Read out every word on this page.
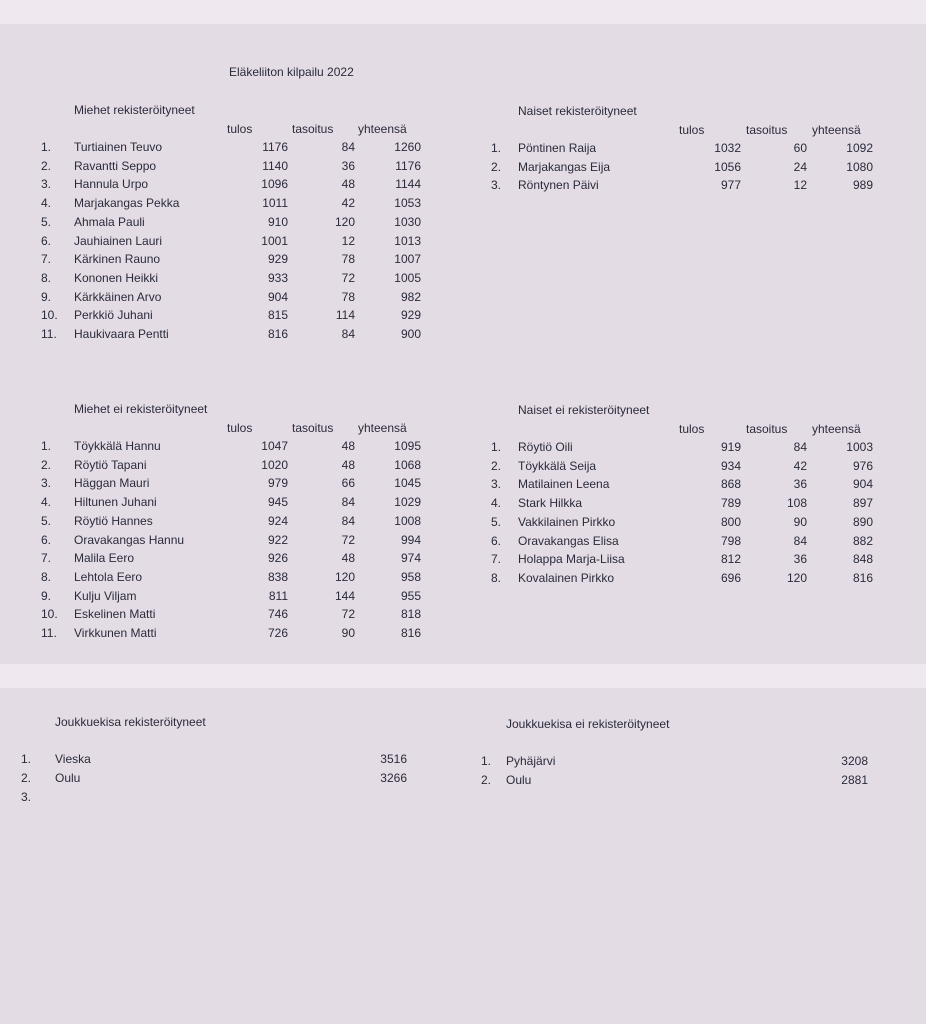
Eläkeliiton kilpailu 2022
Miehet rekisteröityneet
tulos	tasoitus yhteensä
1. Turtiainen Teuvo	1176	84	1260
2. Ravantti Seppo	1140	36	1176
3. Hannula Urpo	1096	48	1144
4. Marjakangas Pekka	1011	42	1053
5. Ahmala Pauli	910	120	1030
6. Jauhiainen Lauri	1001	12	1013
7. Kärkinen Rauno	929	78	1007
8. Kononen Heikki	933	72	1005
9. Kärkkäinen Arvo	904	78	982
10. Perkkiö Juhani	815	114	929
11. Haukivaara Pentti	816	84	900
Naiset rekisteröityneet
tulos	tasoitus yhteensä
1. Pöntinen Raija	1032	60	1092
2. Marjakangas Eija	1056	24	1080
3. Röntynen Päivi	977	12	989
Miehet ei rekisteröityneet
tulos	tasoitus yhteensä
1. Töykkälä Hannu	1047	48	1095
2. Röytiö Tapani	1020	48	1068
3. Häggan Mauri	979	66	1045
4. Hiltunen Juhani	945	84	1029
5. Röytiö Hannes	924	84	1008
6. Oravakangas Hannu	922	72	994
7. Malila Eero	926	48	974
8. Lehtola Eero	838	120	958
9. Kulju Viljam	811	144	955
10. Eskelinen Matti	746	72	818
11. Virkkunen Matti	726	90	816
Naiset ei rekisteröityneet
tulos	tasoitus yhteensä
1. Röytiö Oili	919	84	1003
2. Töykkälä Seija	934	42	976
3. Matilainen Leena	868	36	904
4. Stark Hilkka	789	108	897
5. Vakkilainen Pirkko	800	90	890
6. Oravakangas Elisa	798	84	882
7. Holappa Marja-Liisa	812	36	848
8. Kovalainen Pirkko	696	120	816
Joukkuekisa rekisteröityneet
1. Vieska	3516
2. Oulu	3266
3.
Joukkuekisa ei rekisteröityneet
1. Pyhäjärvi	3208
2. Oulu	2881
